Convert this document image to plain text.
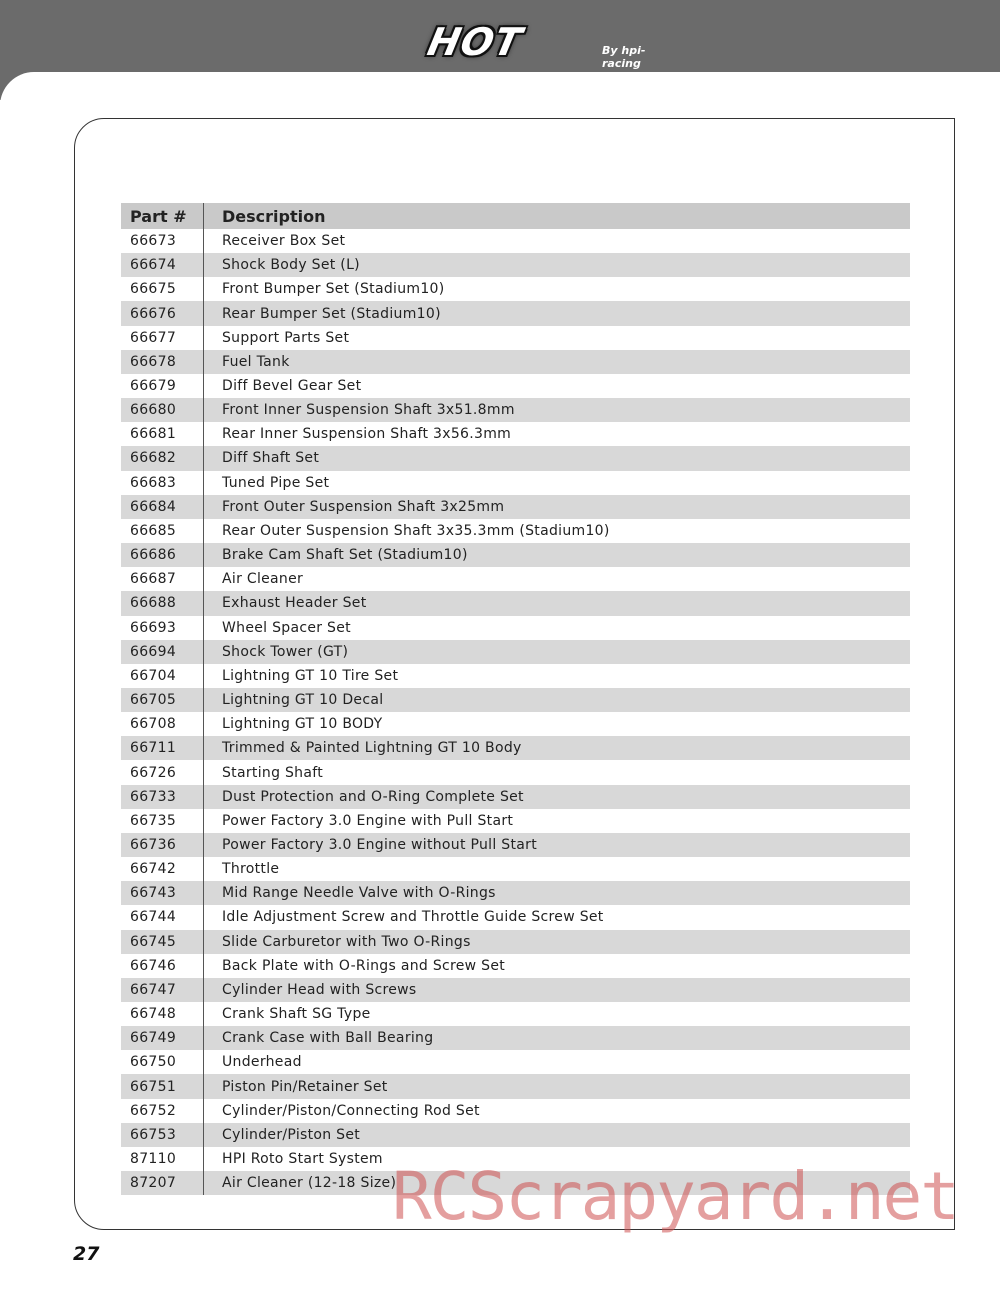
HOT	By hpi-racing
Part #	Description
66673	Receiver Box Set
66674	Shock Body Set (L)
66675	Front Bumper Set (Stadium10)
66676	Rear Bumper Set (Stadium10)
66677	Support Parts Set
66678	Fuel Tank
66679	Diff Bevel Gear Set
66680	Front Inner Suspension Shaft 3x51.8mm
66681	Rear Inner Suspension Shaft 3x56.3mm
66682	Diff Shaft Set
66683	Tuned Pipe Set
66684	Front Outer Suspension Shaft 3x25mm
66685	Rear Outer Suspension Shaft 3x35.3mm (Stadium10)
66686	Brake Cam Shaft Set (Stadium10)
66687	Air Cleaner
66688	Exhaust Header Set
66693	Wheel Spacer Set
66694	Shock Tower (GT)
66704	Lightning GT 10 Tire Set
66705	Lightning GT 10 Decal
66708	Lightning GT 10 BODY
66711	Trimmed & Painted Lightning GT 10 Body
66726	Starting Shaft
66733	Dust Protection and O-Ring Complete Set
66735	Power Factory 3.0 Engine with Pull Start
66736	Power Factory 3.0 Engine without Pull Start
66742	Throttle
66743	Mid Range Needle Valve with O-Rings
66744	Idle Adjustment Screw and Throttle Guide Screw Set
66745	Slide Carburetor with Two O-Rings
66746	Back Plate with O-Rings and Screw Set
66747	Cylinder Head with Screws
66748	Crank Shaft SG Type
66749	Crank Case with Ball Bearing
66750	Underhead
66751	Piston Pin/Retainer Set
66752	Cylinder/Piston/Connecting Rod Set
66753	Cylinder/Piston Set
87110	HPI Roto Start System
87207	Air Cleaner (12-18 Size)
27
RCScrapyard.net
